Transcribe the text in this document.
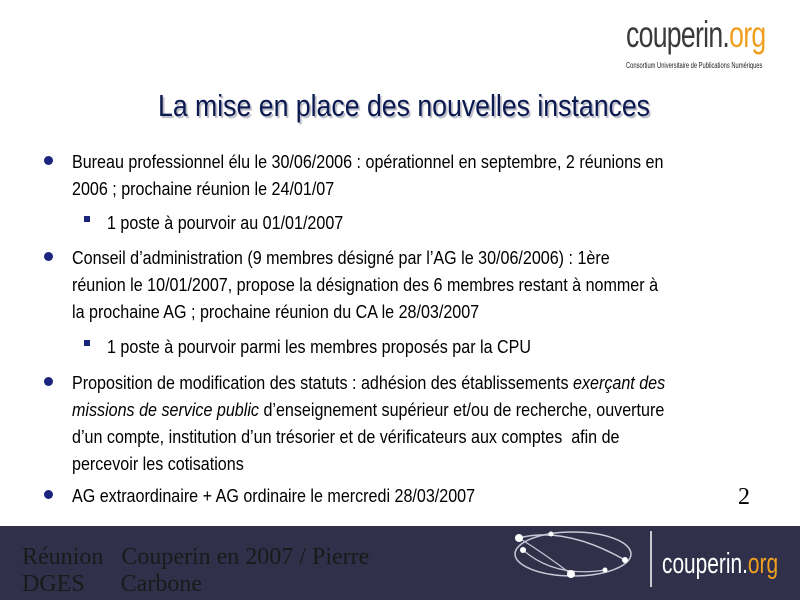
couperin.org
Consortium Universitaire de Publications Numériques
La mise en place des nouvelles instances
Bureau professionnel élu le 30/06/2006 : opérationnel en septembre, 2 réunions en
2006 ; prochaine réunion le 24/01/07
1 poste à pourvoir au 01/01/2007
Conseil d’administration (9 membres désigné par l’AG le 30/06/2006) : 1ère
réunion le 10/01/2007, propose la désignation des 6 membres restant à nommer à
la prochaine AG ; prochaine réunion du CA le 28/03/2007
1 poste à pourvoir parmi les membres proposés par la CPU
Proposition de modification des statuts : adhésion des établissements exerçant des
missions de service public d’enseignement supérieur et/ou de recherche, ouverture
d’un compte, institution d’un trésorier et de vérificateurs aux comptes  afin de
percevoir les cotisations
AG extraordinaire + AG ordinaire le mercredi 28/03/2007	2
Réunion   Couperin en 2007 / Pierre
DGES      Carbone
couperin.org
